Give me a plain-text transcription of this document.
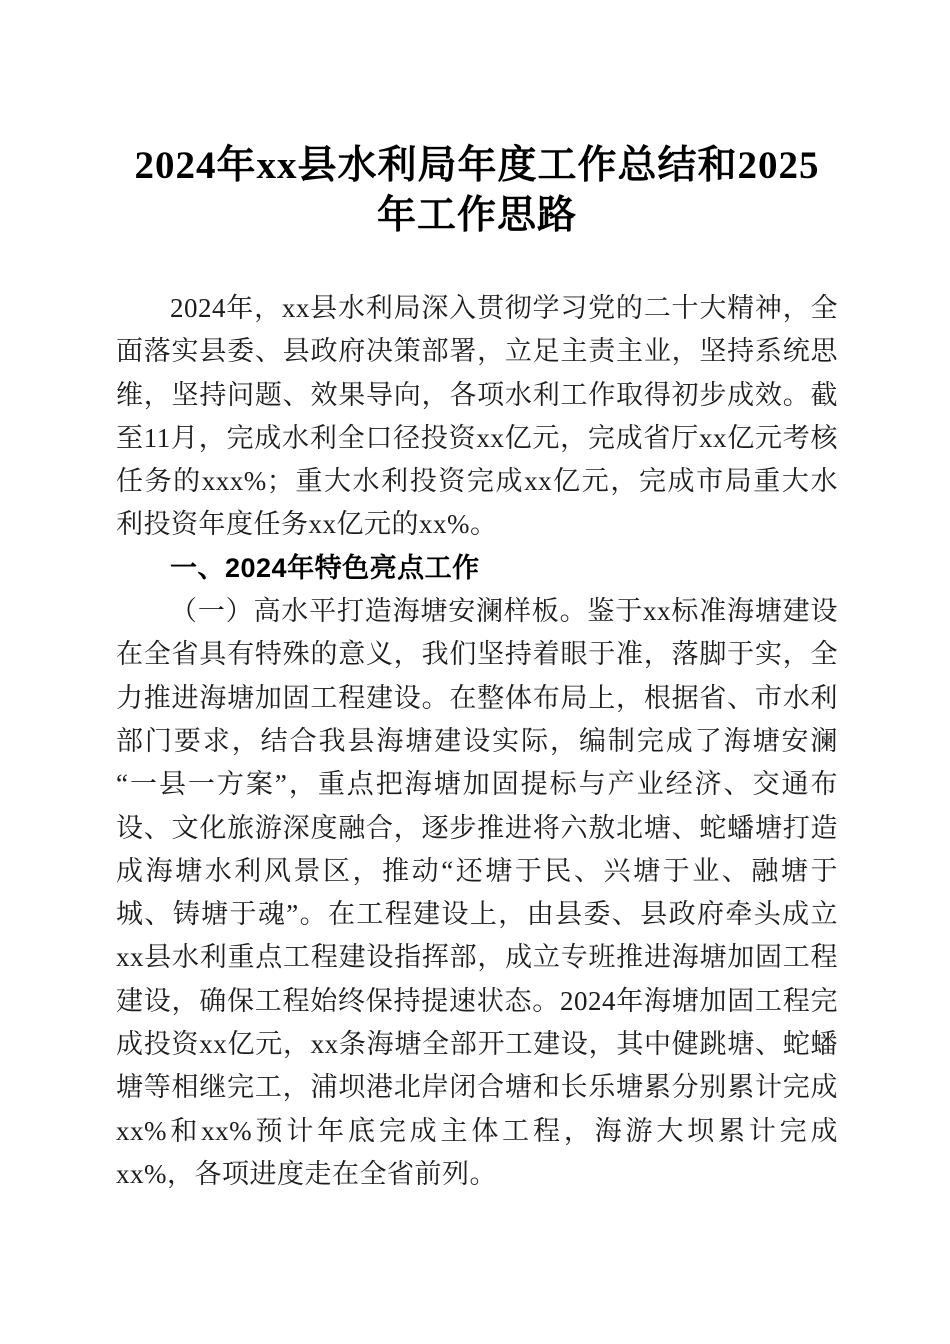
2024年xx县水利局年度工作总结和2025年工作思路

2024年，xx县水利局深入贯彻学习党的二十大精神，全面落实县委、县政府决策部署，立足主责主业，坚持系统思维，坚持问题、效果导向，各项水利工作取得初步成效。截至11月，完成水利全口径投资xx亿元，完成省厅xx亿元考核任务的xxx%；重大水利投资完成xx亿元，完成市局重大水利投资年度任务xx亿元的xx%。

一、2024年特色亮点工作

（一）高水平打造海塘安澜样板。鉴于xx标准海塘建设在全省具有特殊的意义，我们坚持着眼于准，落脚于实，全力推进海塘加固工程建设。在整体布局上，根据省、市水利部门要求，结合我县海塘建设实际，编制完成了海塘安澜“一县一方案”，重点把海塘加固提标与产业经济、交通布设、文化旅游深度融合，逐步推进将六敖北塘、蛇蟠塘打造成海塘水利风景区，推动“还塘于民、兴塘于业、融塘于城、铸塘于魂”。在工程建设上，由县委、县政府牵头成立xx县水利重点工程建设指挥部，成立专班推进海塘加固工程建设，确保工程始终保持提速状态。2024年海塘加固工程完成投资xx亿元，xx条海塘全部开工建设，其中健跳塘、蛇蟠塘等相继完工，浦坝港北岸闭合塘和长乐塘累分别累计完成xx%和xx%预计年底完成主体工程，海游大坝累计完成xx%，各项进度走在全省前列。
